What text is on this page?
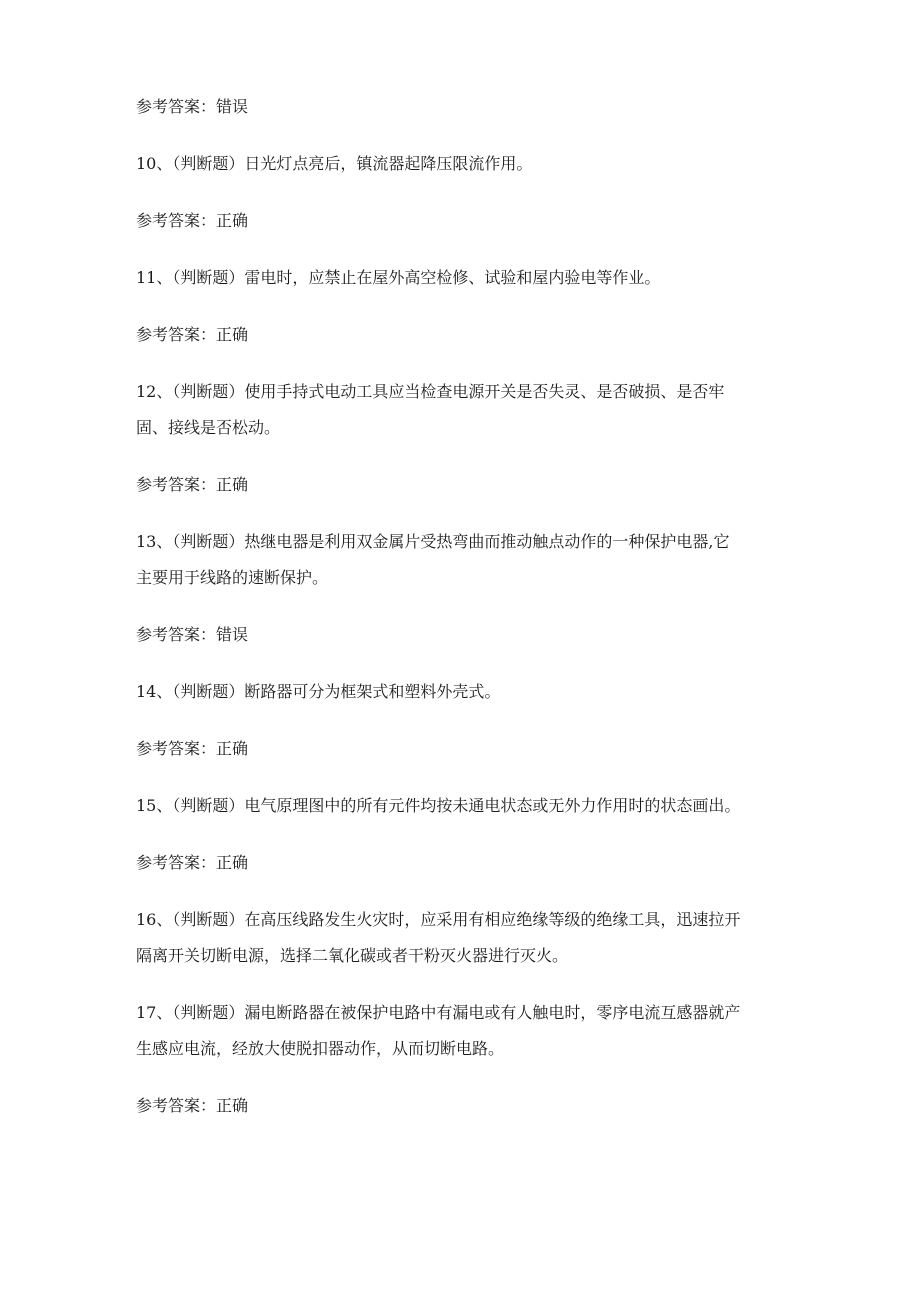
参考答案：错误
10、（判断题）日光灯点亮后，镇流器起降压限流作用。
参考答案：正确
11、（判断题）雷电时，应禁止在屋外高空检修、试验和屋内验电等作业。
参考答案：正确
12、（判断题）使用手持式电动工具应当检查电源开关是否失灵、是否破损、是否牢
固、接线是否松动。
参考答案：正确
13、（判断题）热继电器是利用双金属片受热弯曲而推动触点动作的一种保护电器,它
主要用于线路的速断保护。
参考答案：错误
14、（判断题）断路器可分为框架式和塑料外壳式。
参考答案：正确
15、（判断题）电气原理图中的所有元件均按未通电状态或无外力作用时的状态画出。
参考答案：正确
16、（判断题）在高压线路发生火灾时，应采用有相应绝缘等级的绝缘工具，迅速拉开
隔离开关切断电源，选择二氧化碳或者干粉灭火器进行灭火。
17、（判断题）漏电断路器在被保护电路中有漏电或有人触电时，零序电流互感器就产
生感应电流，经放大使脱扣器动作，从而切断电路。
参考答案：正确
